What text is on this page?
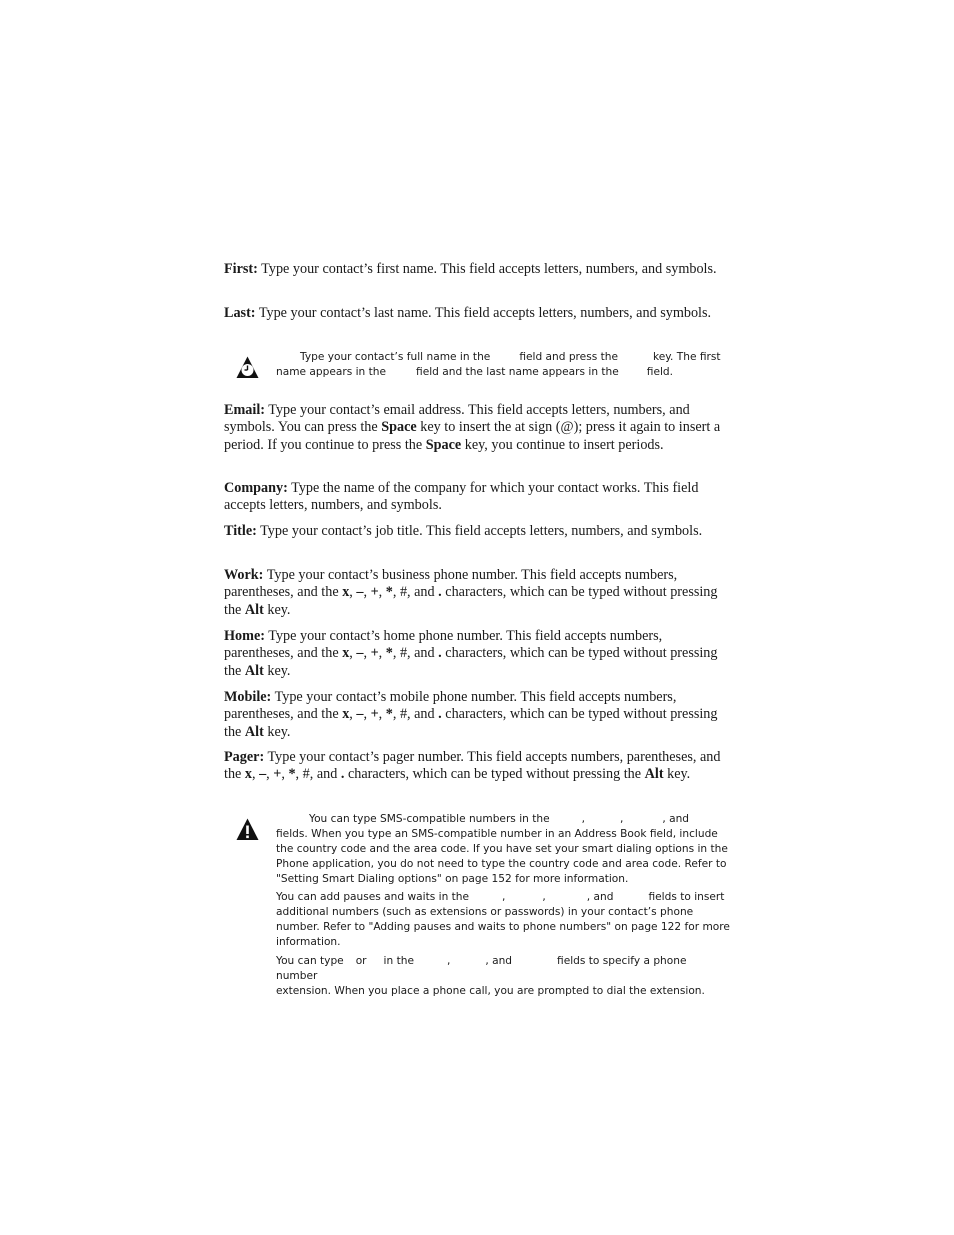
First: Type your contact’s first name. This field accepts letters, numbers, and symbols.

Last: Type your contact’s last name. This field accepts letters, numbers, and symbols.

Type your contact’s full name in the	field and press the	key. The first
name appears in the	field and the last name appears in the	field.

Email: Type your contact’s email address. This field accepts letters, numbers, and symbols. You can press the Space key to insert the at sign (@); press it again to insert a period. If you continue to press the Space key, you continue to insert periods.

Company: Type the name of the company for which your contact works. This field accepts letters, numbers, and symbols.

Title: Type your contact’s job title. This field accepts letters, numbers, and symbols.

Work: Type your contact’s business phone number. This field accepts numbers, parentheses, and the x, –, +, *, #, and . characters, which can be typed without pressing the Alt key.

Home: Type your contact’s home phone number. This field accepts numbers, parentheses, and the x, –, +, *, #, and . characters, which can be typed without pressing the Alt key.

Mobile: Type your contact’s mobile phone number. This field accepts numbers, parentheses, and the x, –, +, *, #, and . characters, which can be typed without pressing the Alt key.

Pager: Type your contact’s pager number. This field accepts numbers, parentheses, and the x, –, +, *, #, and . characters, which can be typed without pressing the Alt key.

You can type SMS-compatible numbers in the	,	,	, and
fields. When you type an SMS-compatible number in an Address Book field, include the country code and the area code. If you have set your smart dialing options in the Phone application, you do not need to type the country code and area code. Refer to "Setting Smart Dialing options" on page 152 for more information.
You can add pauses and waits in the	,	,	, and	fields to insert
additional numbers (such as extensions or passwords) in your contact’s phone number. Refer to "Adding pauses and waits to phone numbers" on page 122 for more information.
You can type or in the	,	, and	fields to specify a phone number
extension. When you place a phone call, you are prompted to dial the extension.
